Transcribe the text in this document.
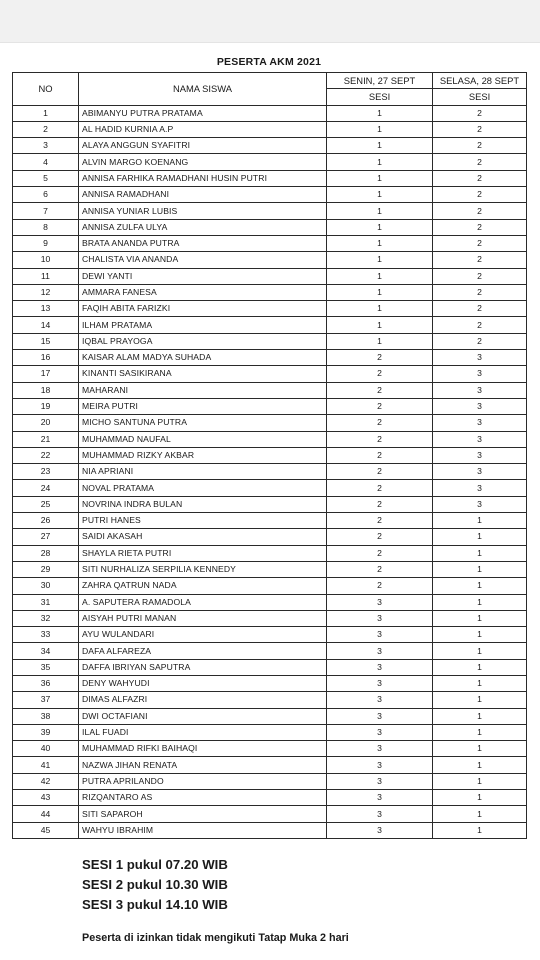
PESERTA AKM 2021
NO	NAMA SISWA	SENIN, 27 SEPT	SELASA, 28 SEPT
		SESI	SESI
1	ABIMANYU PUTRA PRATAMA	1	2
2	AL HADID KURNIA A.P	1	2
3	ALAYA ANGGUN SYAFITRI	1	2
4	ALVIN MARGO KOENANG	1	2
5	ANNISA FARHIKA RAMADHANI HUSIN PUTRI	1	2
6	ANNISA RAMADHANI	1	2
7	ANNISA YUNIAR LUBIS	1	2
8	ANNISA ZULFA ULYA	1	2
9	BRATA ANANDA PUTRA	1	2
10	CHALISTA VIA ANANDA	1	2
11	DEWI YANTI	1	2
12	AMMARA FANESA	1	2
13	FAQIH ABITA FARIZKI	1	2
14	ILHAM PRATAMA	1	2
15	IQBAL PRAYOGA	1	2
16	KAISAR ALAM MADYA SUHADA	2	3
17	KINANTI SASIKIRANA	2	3
18	MAHARANI	2	3
19	MEIRA PUTRI	2	3
20	MICHO SANTUNA PUTRA	2	3
21	MUHAMMAD NAUFAL	2	3
22	MUHAMMAD RIZKY AKBAR	2	3
23	NIA APRIANI	2	3
24	NOVAL PRATAMA	2	3
25	NOVRINA INDRA BULAN	2	3
26	PUTRI HANES	2	1
27	SAIDI AKASAH	2	1
28	SHAYLA RIETA PUTRI	2	1
29	SITI NURHALIZA SERPILIA KENNEDY	2	1
30	ZAHRA QATRUN NADA	2	1
31	A. SAPUTERA RAMADOLA	3	1
32	AISYAH PUTRI MANAN	3	1
33	AYU WULANDARI	3	1
34	DAFA ALFAREZA	3	1
35	DAFFA IBRIYAN SAPUTRA	3	1
36	DENY WAHYUDI	3	1
37	DIMAS ALFAZRI	3	1
38	DWI OCTAFIANI	3	1
39	ILAL FUADI	3	1
40	MUHAMMAD RIFKI BAIHAQI	3	1
41	NAZWA JIHAN RENATA	3	1
42	PUTRA APRILANDO	3	1
43	RIZQANTARO AS	3	1
44	SITI SAPAROH	3	1
45	WAHYU IBRAHIM	3	1
SESI 1 pukul 07.20 WIB
SESI 2 pukul 10.30 WIB
SESI 3 pukul 14.10 WIB
Peserta di izinkan tidak mengikuti Tatap Muka 2 hari
